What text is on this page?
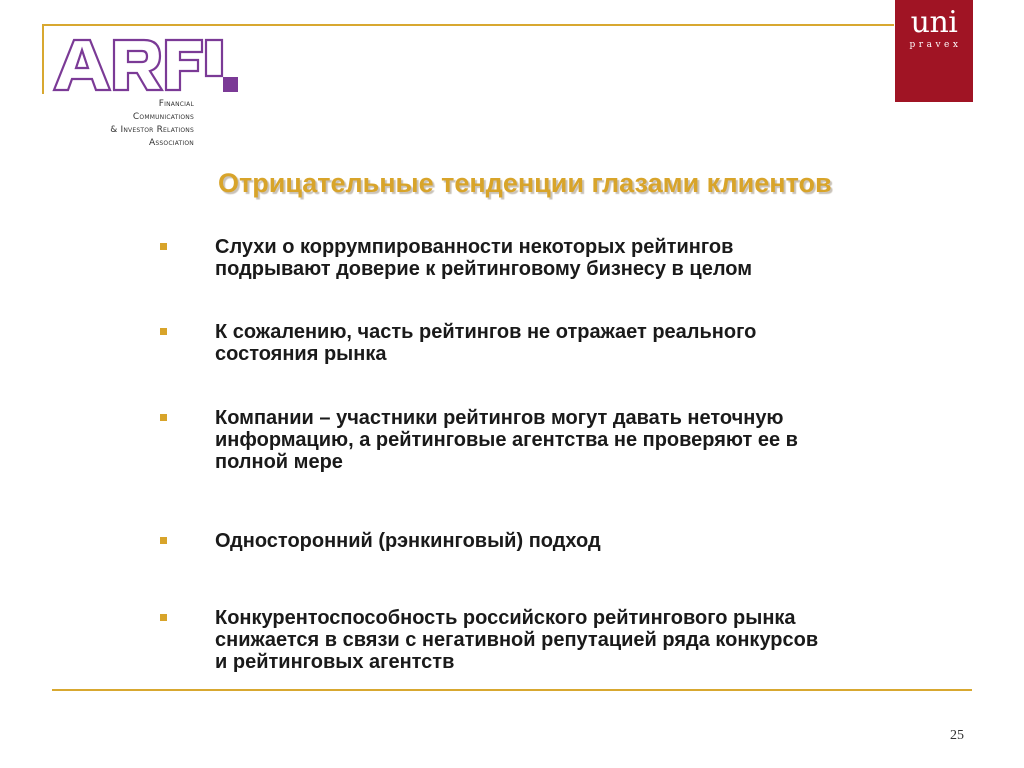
Financial
Communications
& Investor Relations
Association
uni
pravex
Отрицательные тенденции глазами клиентов
Слухи о коррумпированности некоторых рейтингов
подрывают доверие к рейтинговому бизнесу в целом
К сожалению, часть рейтингов не отражает реального
состояния рынка
Компании – участники рейтингов могут давать неточную
информацию, а рейтинговые агентства не проверяют ее в
полной мере
Односторонний (рэнкинговый) подход
Конкурентоспособность российского рейтингового рынка
снижается в связи с негативной репутацией ряда конкурсов
и рейтинговых агентств
25
